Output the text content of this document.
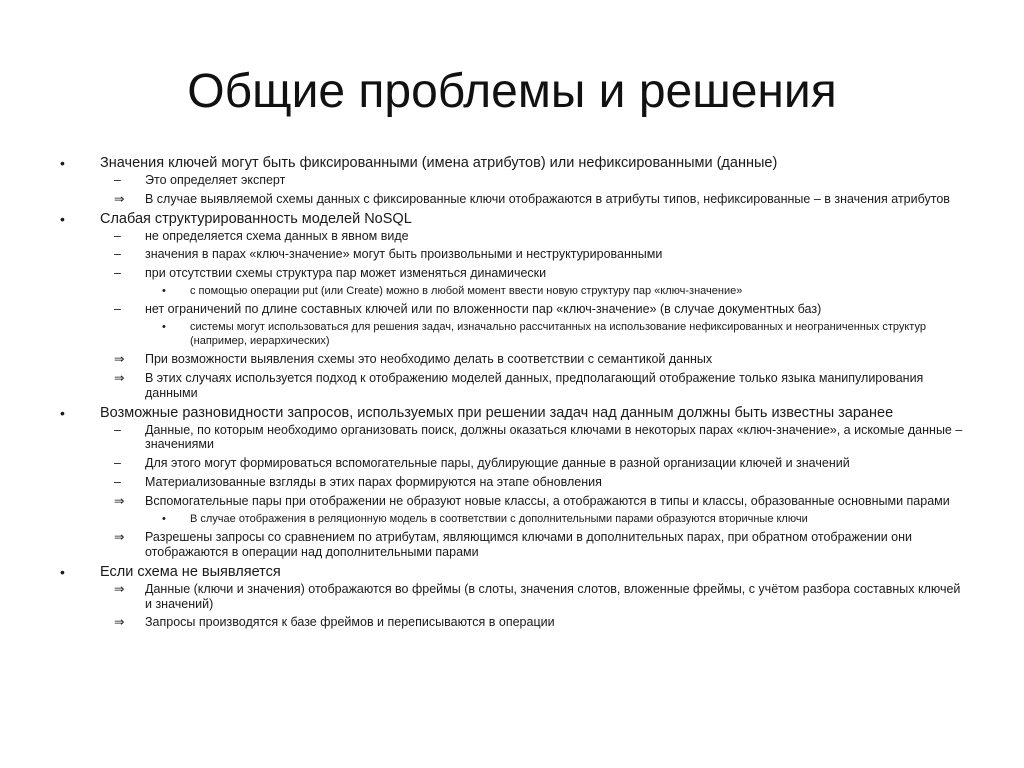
Общие проблемы и решения
• Значения ключей могут быть фиксированными (имена атрибутов) или нефиксированными (данные)
– Это определяет эксперт
⇒ В случае выявляемой схемы данных с фиксированные ключи отображаются в атрибуты типов, нефиксированные – в значения атрибутов
• Слабая структурированность моделей NoSQL
– не определяется схема данных в явном виде
– значения в парах «ключ-значение» могут быть произвольными и неструктурированными
– при отсутствии схемы структура пар может изменяться динамически
• с помощью операции put (или Create) можно в любой момент ввести новую структуру пар «ключ-значение»
– нет ограничений по длине составных ключей или по вложенности пар «ключ-значение» (в случае документных баз)
• системы могут использоваться для решения задач, изначально рассчитанных на использование нефиксированных и неограниченных структур (например, иерархических)
⇒ При возможности выявления схемы это необходимо делать в соответствии с семантикой данных
⇒ В этих случаях используется подход к отображению моделей данных, предполагающий отображение только языка манипулирования данными
• Возможные разновидности запросов, используемых при решении задач над данным должны быть известны заранее
– Данные, по которым необходимо организовать поиск, должны оказаться ключами в некоторых парах «ключ-значение», а искомые данные – значениями
– Для этого могут формироваться вспомогательные пары, дублирующие данные в разной организации ключей и значений
– Материализованные взгляды в этих парах формируются на этапе обновления
⇒ Вспомогательные пары при отображении не образуют новые классы, а отображаются в типы и классы, образованные основными парами
• В случае отображения в реляционную модель в соответствии с дополнительными парами образуются вторичные ключи
⇒ Разрешены запросы со сравнением по атрибутам, являющимся ключами в дополнительных парах, при обратном отображении они отображаются в операции над дополнительными парами
• Если схема не выявляется
⇒ Данные (ключи и значения) отображаются во фреймы (в слоты, значения слотов, вложенные фреймы, с учётом разбора составных ключей и значений)
⇒ Запросы производятся к базе фреймов и переписываются в операции
